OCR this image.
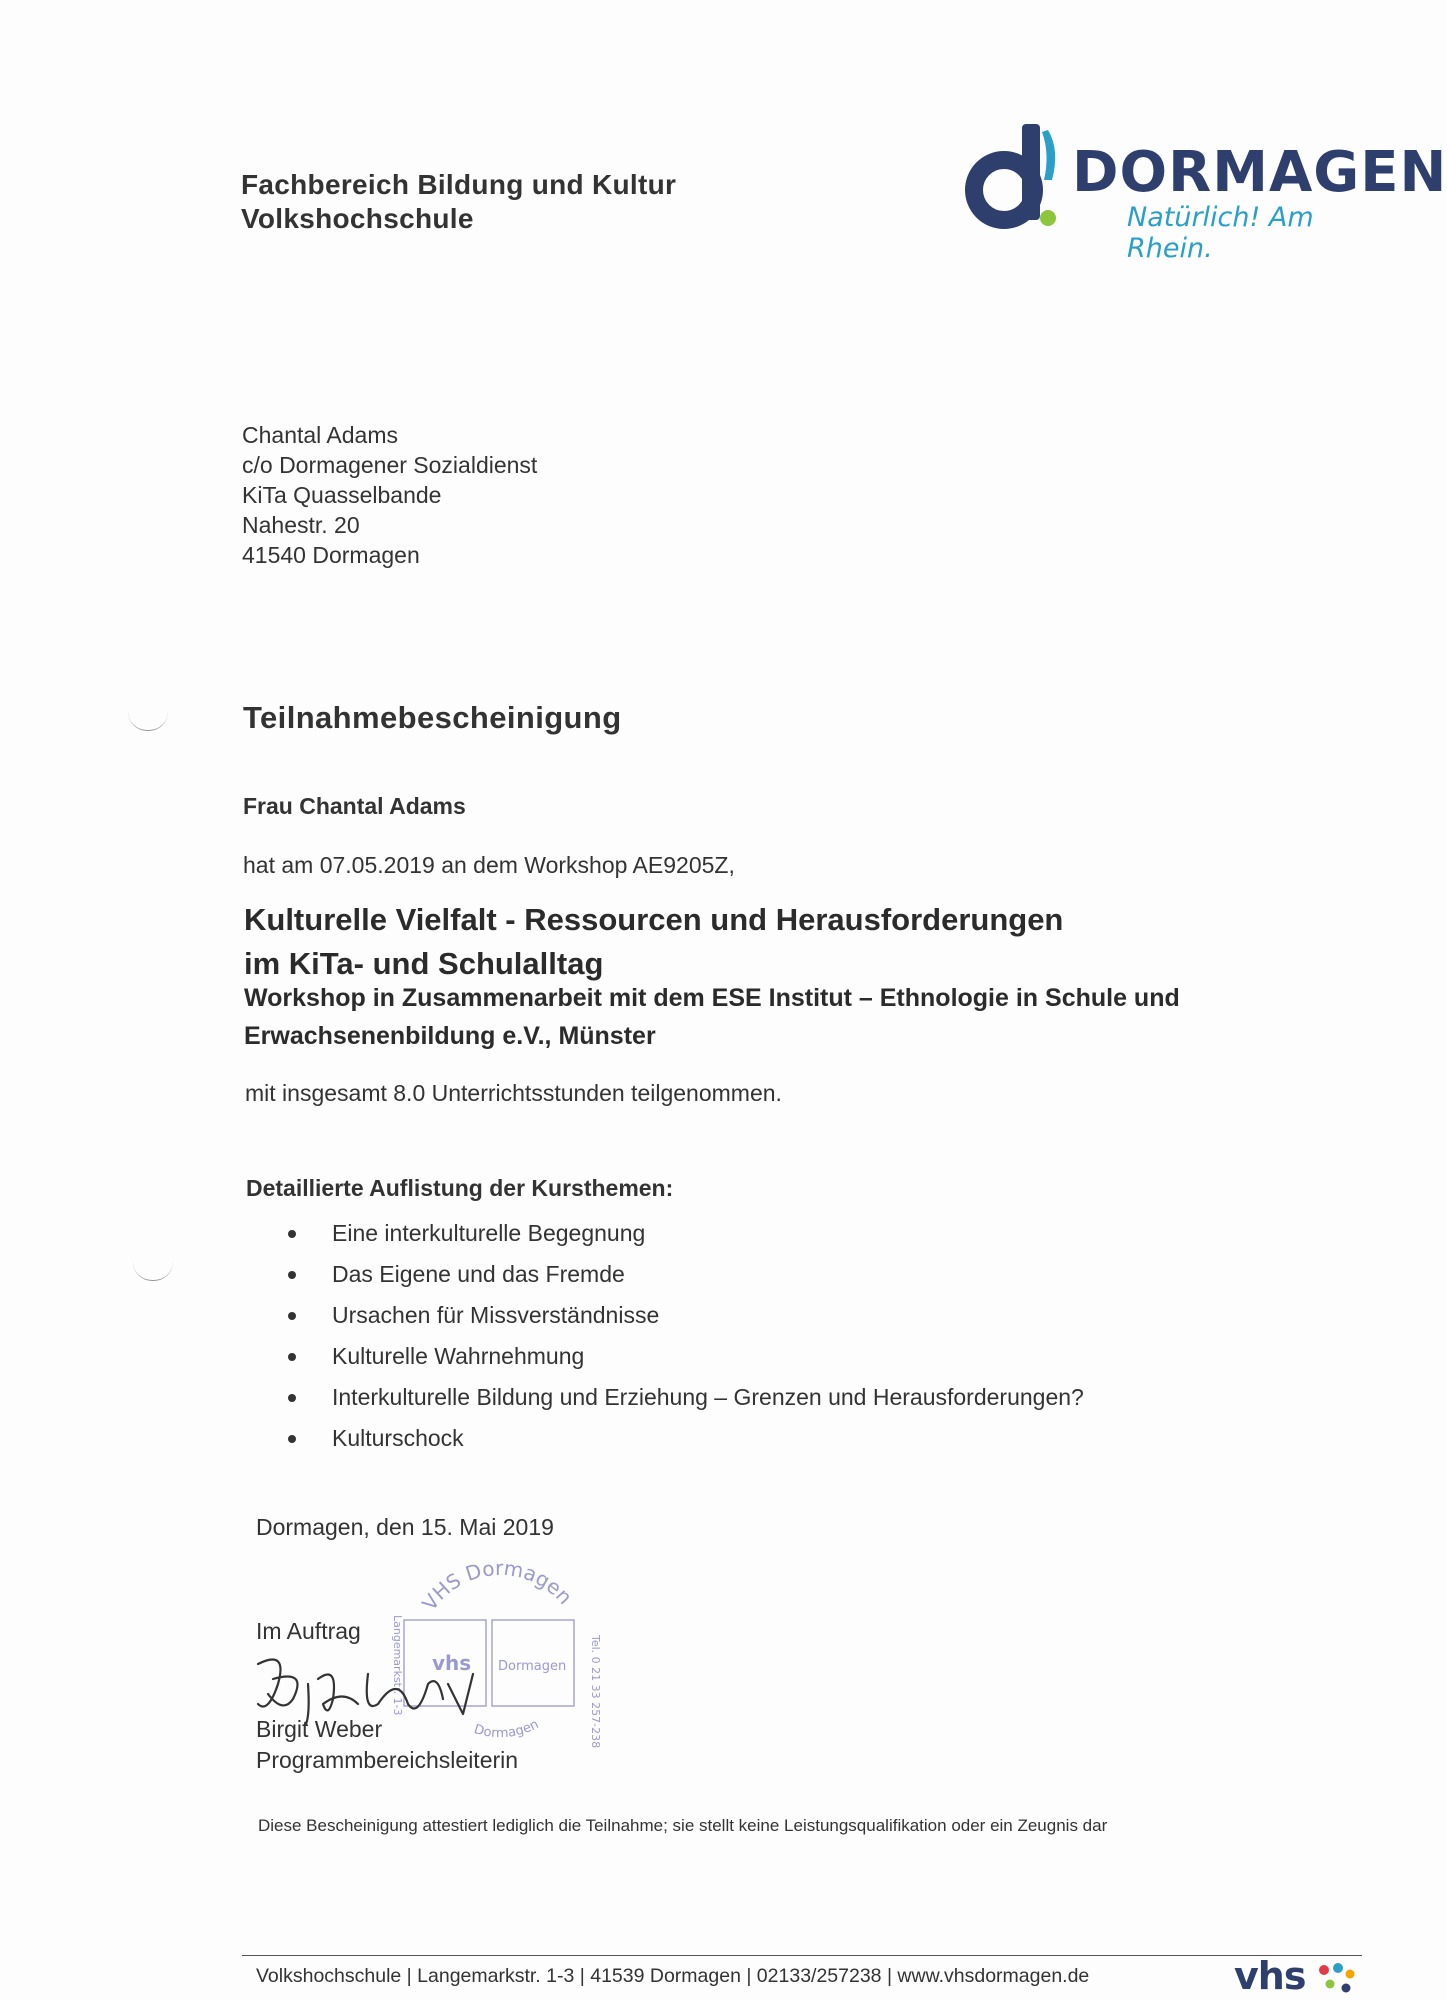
Fachbereich Bildung und Kultur
Volkshochschule
DORMAGEN
Natürlich! Am Rhein.
Chantal Adams
c/o Dormagener Sozialdienst
KiTa Quasselbande
Nahestr. 20
41540 Dormagen
Teilnahmebescheinigung
Frau Chantal Adams
hat am 07.05.2019 an dem Workshop AE9205Z,
Kulturelle Vielfalt - Ressourcen und Herausforderungen
im KiTa- und Schulalltag
Workshop in Zusammenarbeit mit dem ESE Institut – Ethnologie in Schule und
Erwachsenenbildung e.V., Münster
mit insgesamt 8.0 Unterrichtsstunden teilgenommen.
Detaillierte Auflistung der Kursthemen:
Eine interkulturelle Begegnung
Das Eigene und das Fremde
Ursachen für Missverständnisse
Kulturelle Wahrnehmung
Interkulturelle Bildung und Erziehung – Grenzen und Herausforderungen?
Kulturschock
Dormagen, den 15. Mai 2019
VHS Dormagen
Dormagen
vhs Dormagen Tel. 0 21 33 257-238
Langemarkstr. 1-3
Im Auftrag
Birgit Weber
Programmbereichsleiterin
Diese Bescheinigung attestiert lediglich die Teilnahme; sie stellt keine Leistungsqualifikation oder ein Zeugnis dar
Volkshochschule | Langemarkstr. 1-3 | 41539 Dormagen | 02133/257238 | www.vhsdormagen.de	vhs
